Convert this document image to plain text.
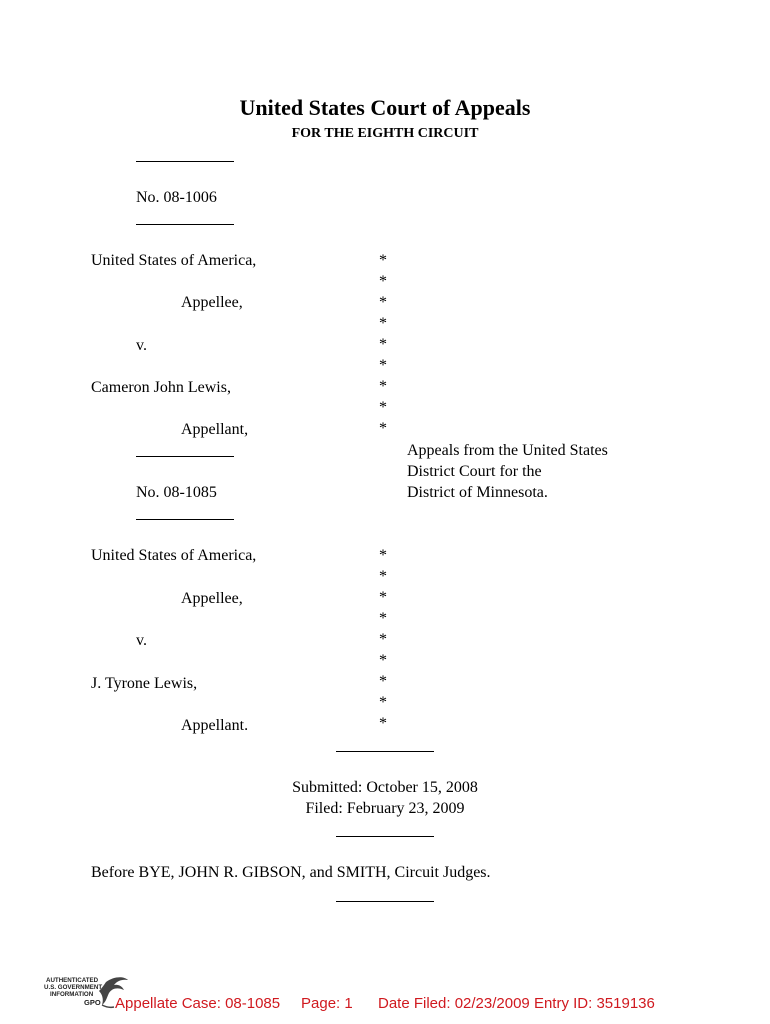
United States Court of Appeals
FOR THE EIGHTH CIRCUIT
No. 08-1006
United States of America,
Appellee,
v.
Cameron John Lewis,
Appellant,
*
*
*
*
*
*
*
*
*
No. 08-1085
Appeals from the United States
District Court for the
District of Minnesota.
United States of America,
Appellee,
v.
J. Tyrone Lewis,
Appellant.
*
*
*
*
*
*
*
*
*
Submitted: October 15, 2008
Filed: February 23, 2009
Before BYE, JOHN R. GIBSON, and SMITH, Circuit Judges.
AUTHENTICATED
U.S. GOVERNMENT
INFORMATION
GPO Appellate Case: 08-1085 Page: 1 Date Filed: 02/23/2009 Entry ID: 3519136
